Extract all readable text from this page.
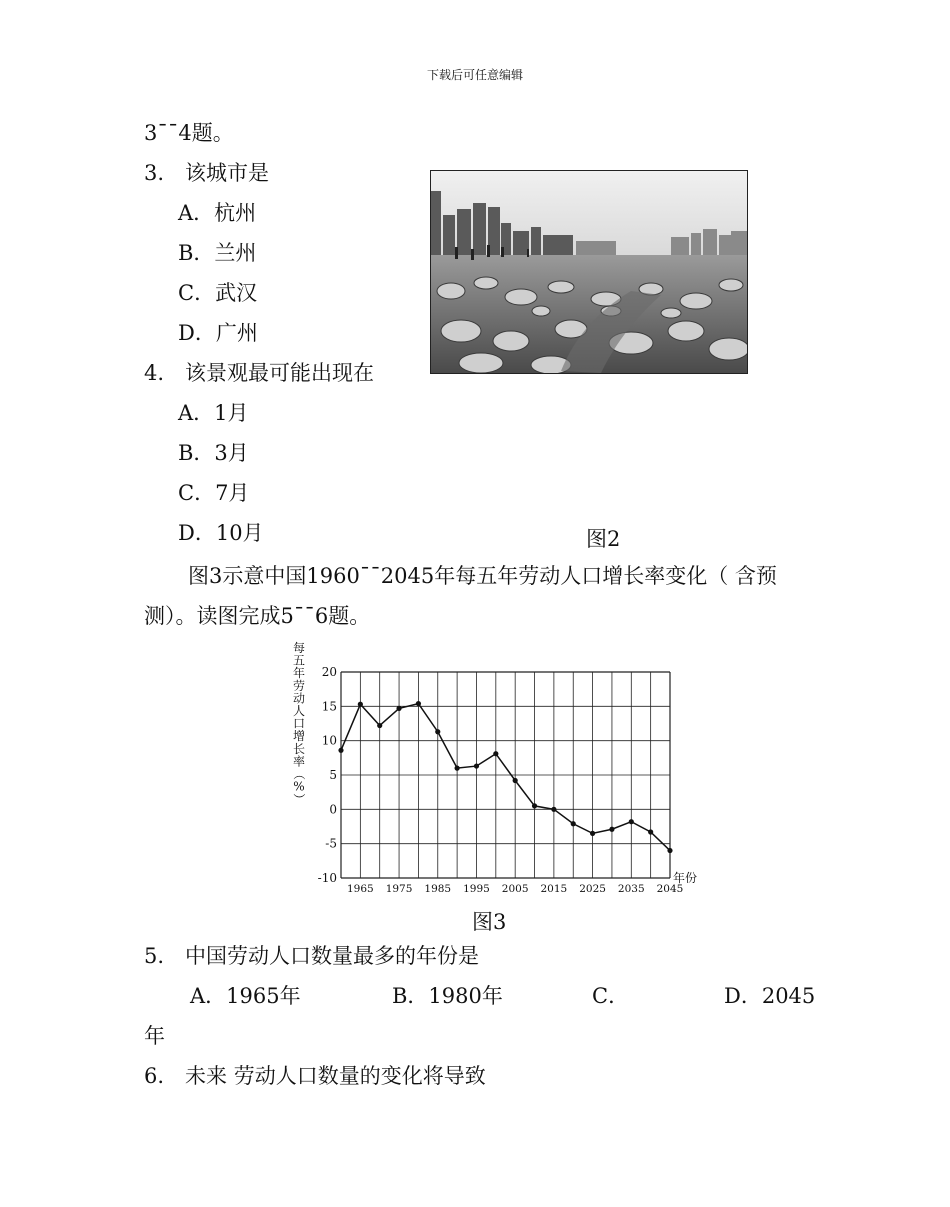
下载后可任意编辑
3¯¯4题。
3.　该城市是
A．杭州
B．兰州
C．武汉
D．广州
4.　该景观最可能出现在
A．1月
B．3月
C．7月
D．10月	图2
图3示意中国1960¯¯2045年每五年劳动人口增长率变化（ 含预
测）。读图完成5¯¯6题。
20
15
10
5
0
-5
-10
1965 1975 1985 1995 2005 2015 2025 2035 2045
每
五
年
劳
动
人
口
增
长
率
（
%
）
年份
图3
5.　中国劳动人口数量最多的年份是
A．1965年	B．1980年	C．	D．2045
年
6.　未来 劳动人口数量的变化将导致
